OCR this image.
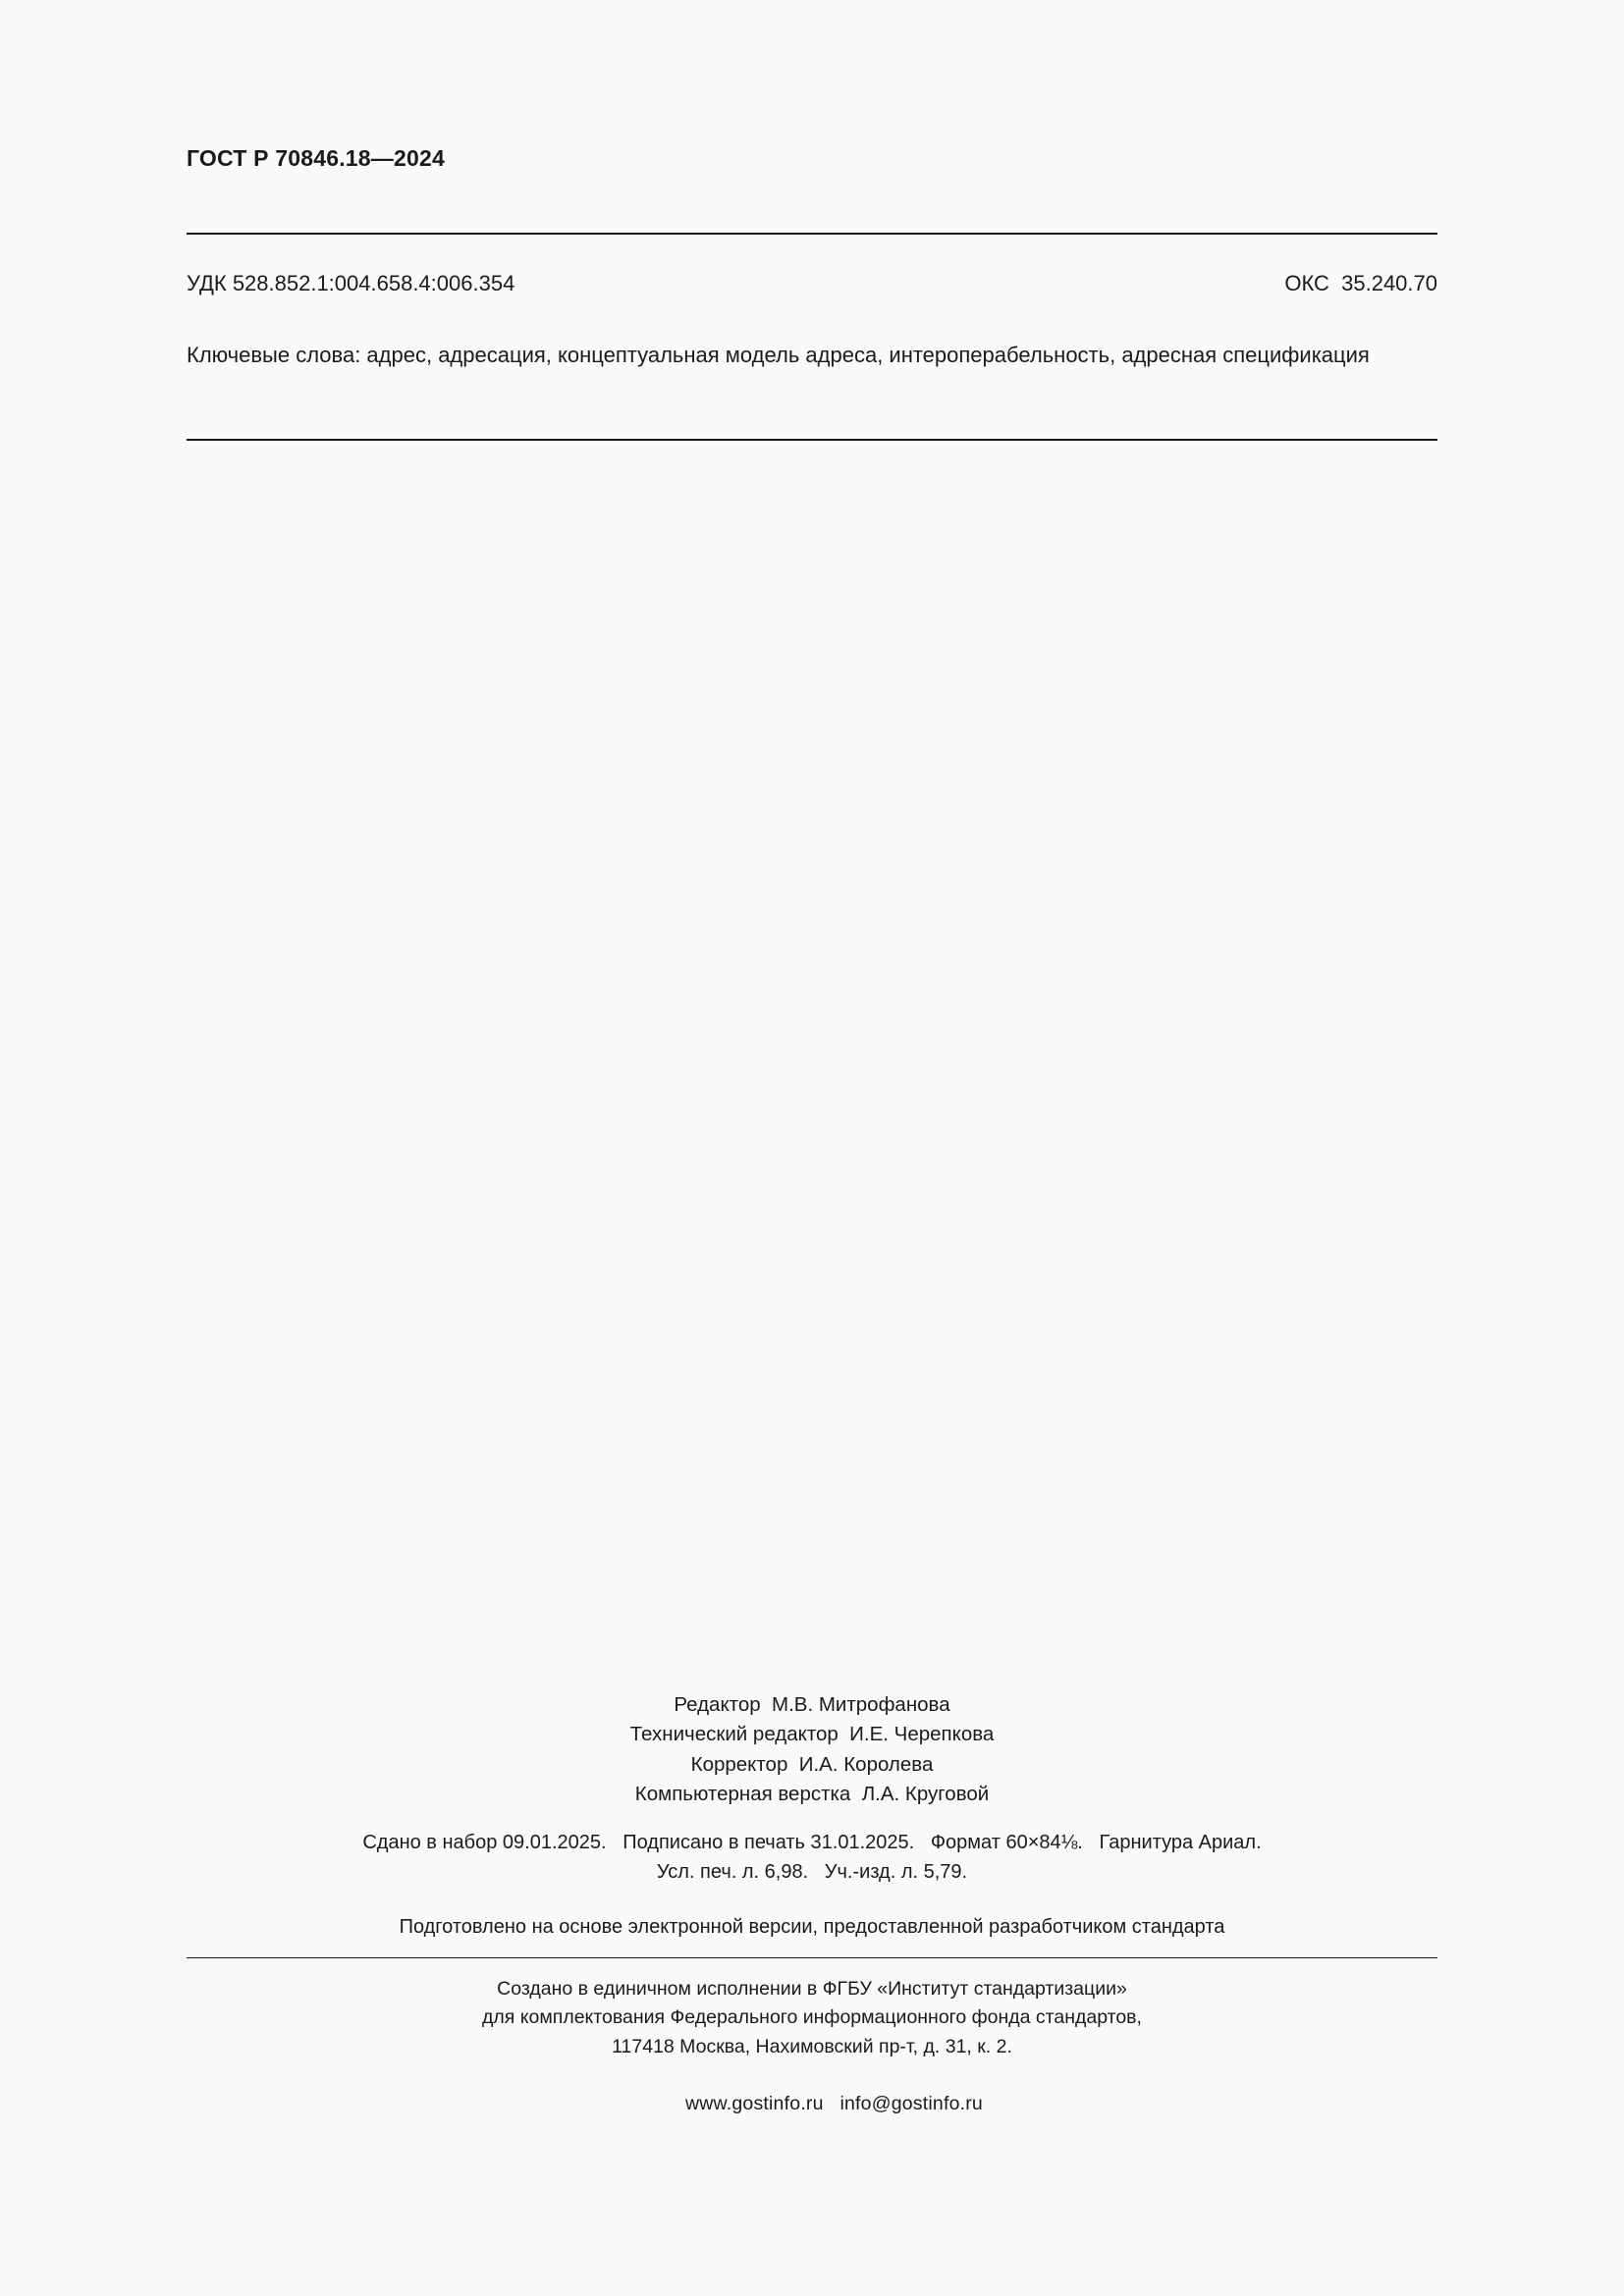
ГОСТ Р 70846.18—2024
УДК 528.852.1:004.658.4:006.354	ОКС  35.240.70
Ключевые слова: адрес, адресация, концептуальная модель адреса, интероперабельность, адресная спецификация
Редактор  М.В. Митрофанова
Технический редактор  И.Е. Черепкова
Корректор  И.А. Королева
Компьютерная верстка  Л.А. Круговой
Сдано в набор 09.01.2025.   Подписано в печать 31.01.2025.   Формат 60×84⅛.   Гарнитура Ариал.
Усл. печ. л. 6,98.   Уч.-изд. л. 5,79.
Подготовлено на основе электронной версии, предоставленной разработчиком стандарта
Создано в единичном исполнении в ФГБУ «Институт стандартизации»
для комплектования Федерального информационного фонда стандартов,
117418 Москва, Нахимовский пр-т, д. 31, к. 2.

www.gostinfo.ru info@gostinfo.ru
